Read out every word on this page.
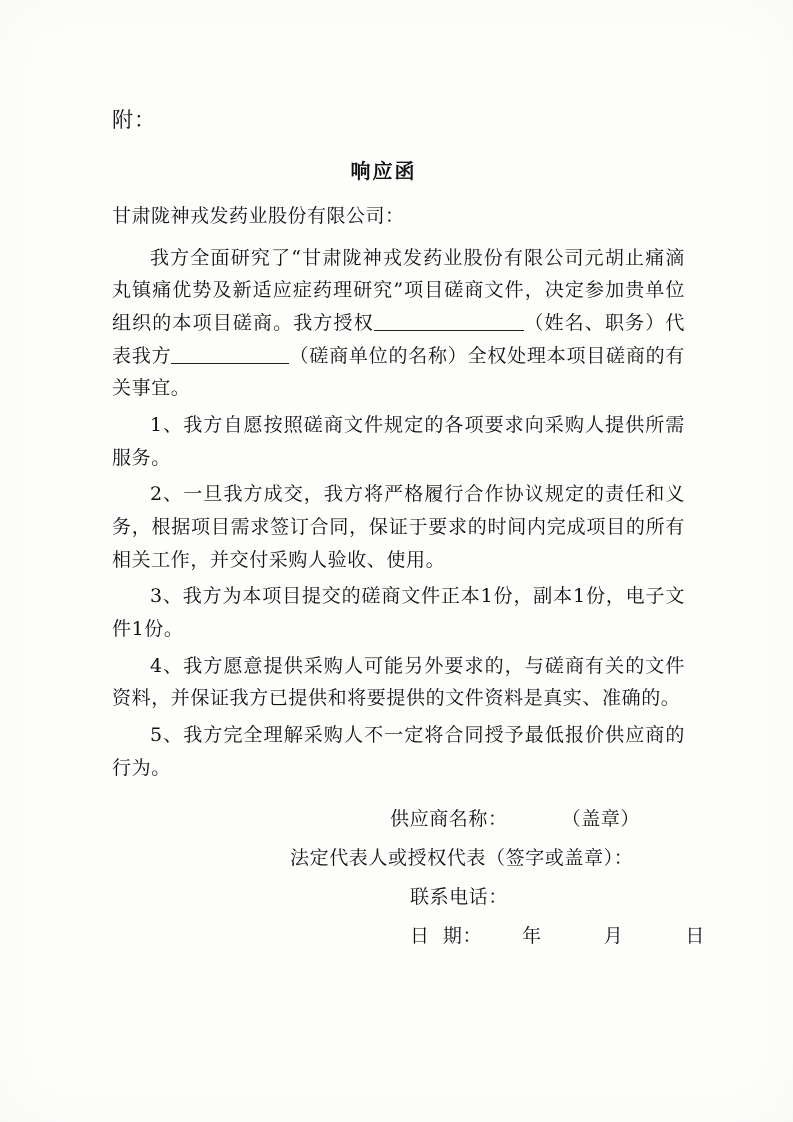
附：
响应函
甘肃陇神戎发药业股份有限公司：

我方全面研究了“甘肃陇神戎发药业股份有限公司元胡止痛滴丸镇痛优势及新适应症药理研究”项目磋商文件，决定参加贵单位组织的本项目磋商。我方授权	（姓名、职务）代表我方	（磋商单位的名称）全权处理本项目磋商的有关事宜。

1、我方自愿按照磋商文件规定的各项要求向采购人提供所需服务。

2、一旦我方成交，我方将严格履行合作协议规定的责任和义务，根据项目需求签订合同，保证于要求的时间内完成项目的所有相关工作，并交付采购人验收、使用。

3、我方为本项目提交的磋商文件正本1份，副本1份，电子文件1份。

4、我方愿意提供采购人可能另外要求的，与磋商有关的文件资料，并保证我方已提供和将要提供的文件资料是真实、准确的。

5、我方完全理解采购人不一定将合同授予最低报价供应商的行为。

供应商名称：	（盖章）
法定代表人或授权代表（签字或盖章）：
联系电话：
日  期： 年	月	日
